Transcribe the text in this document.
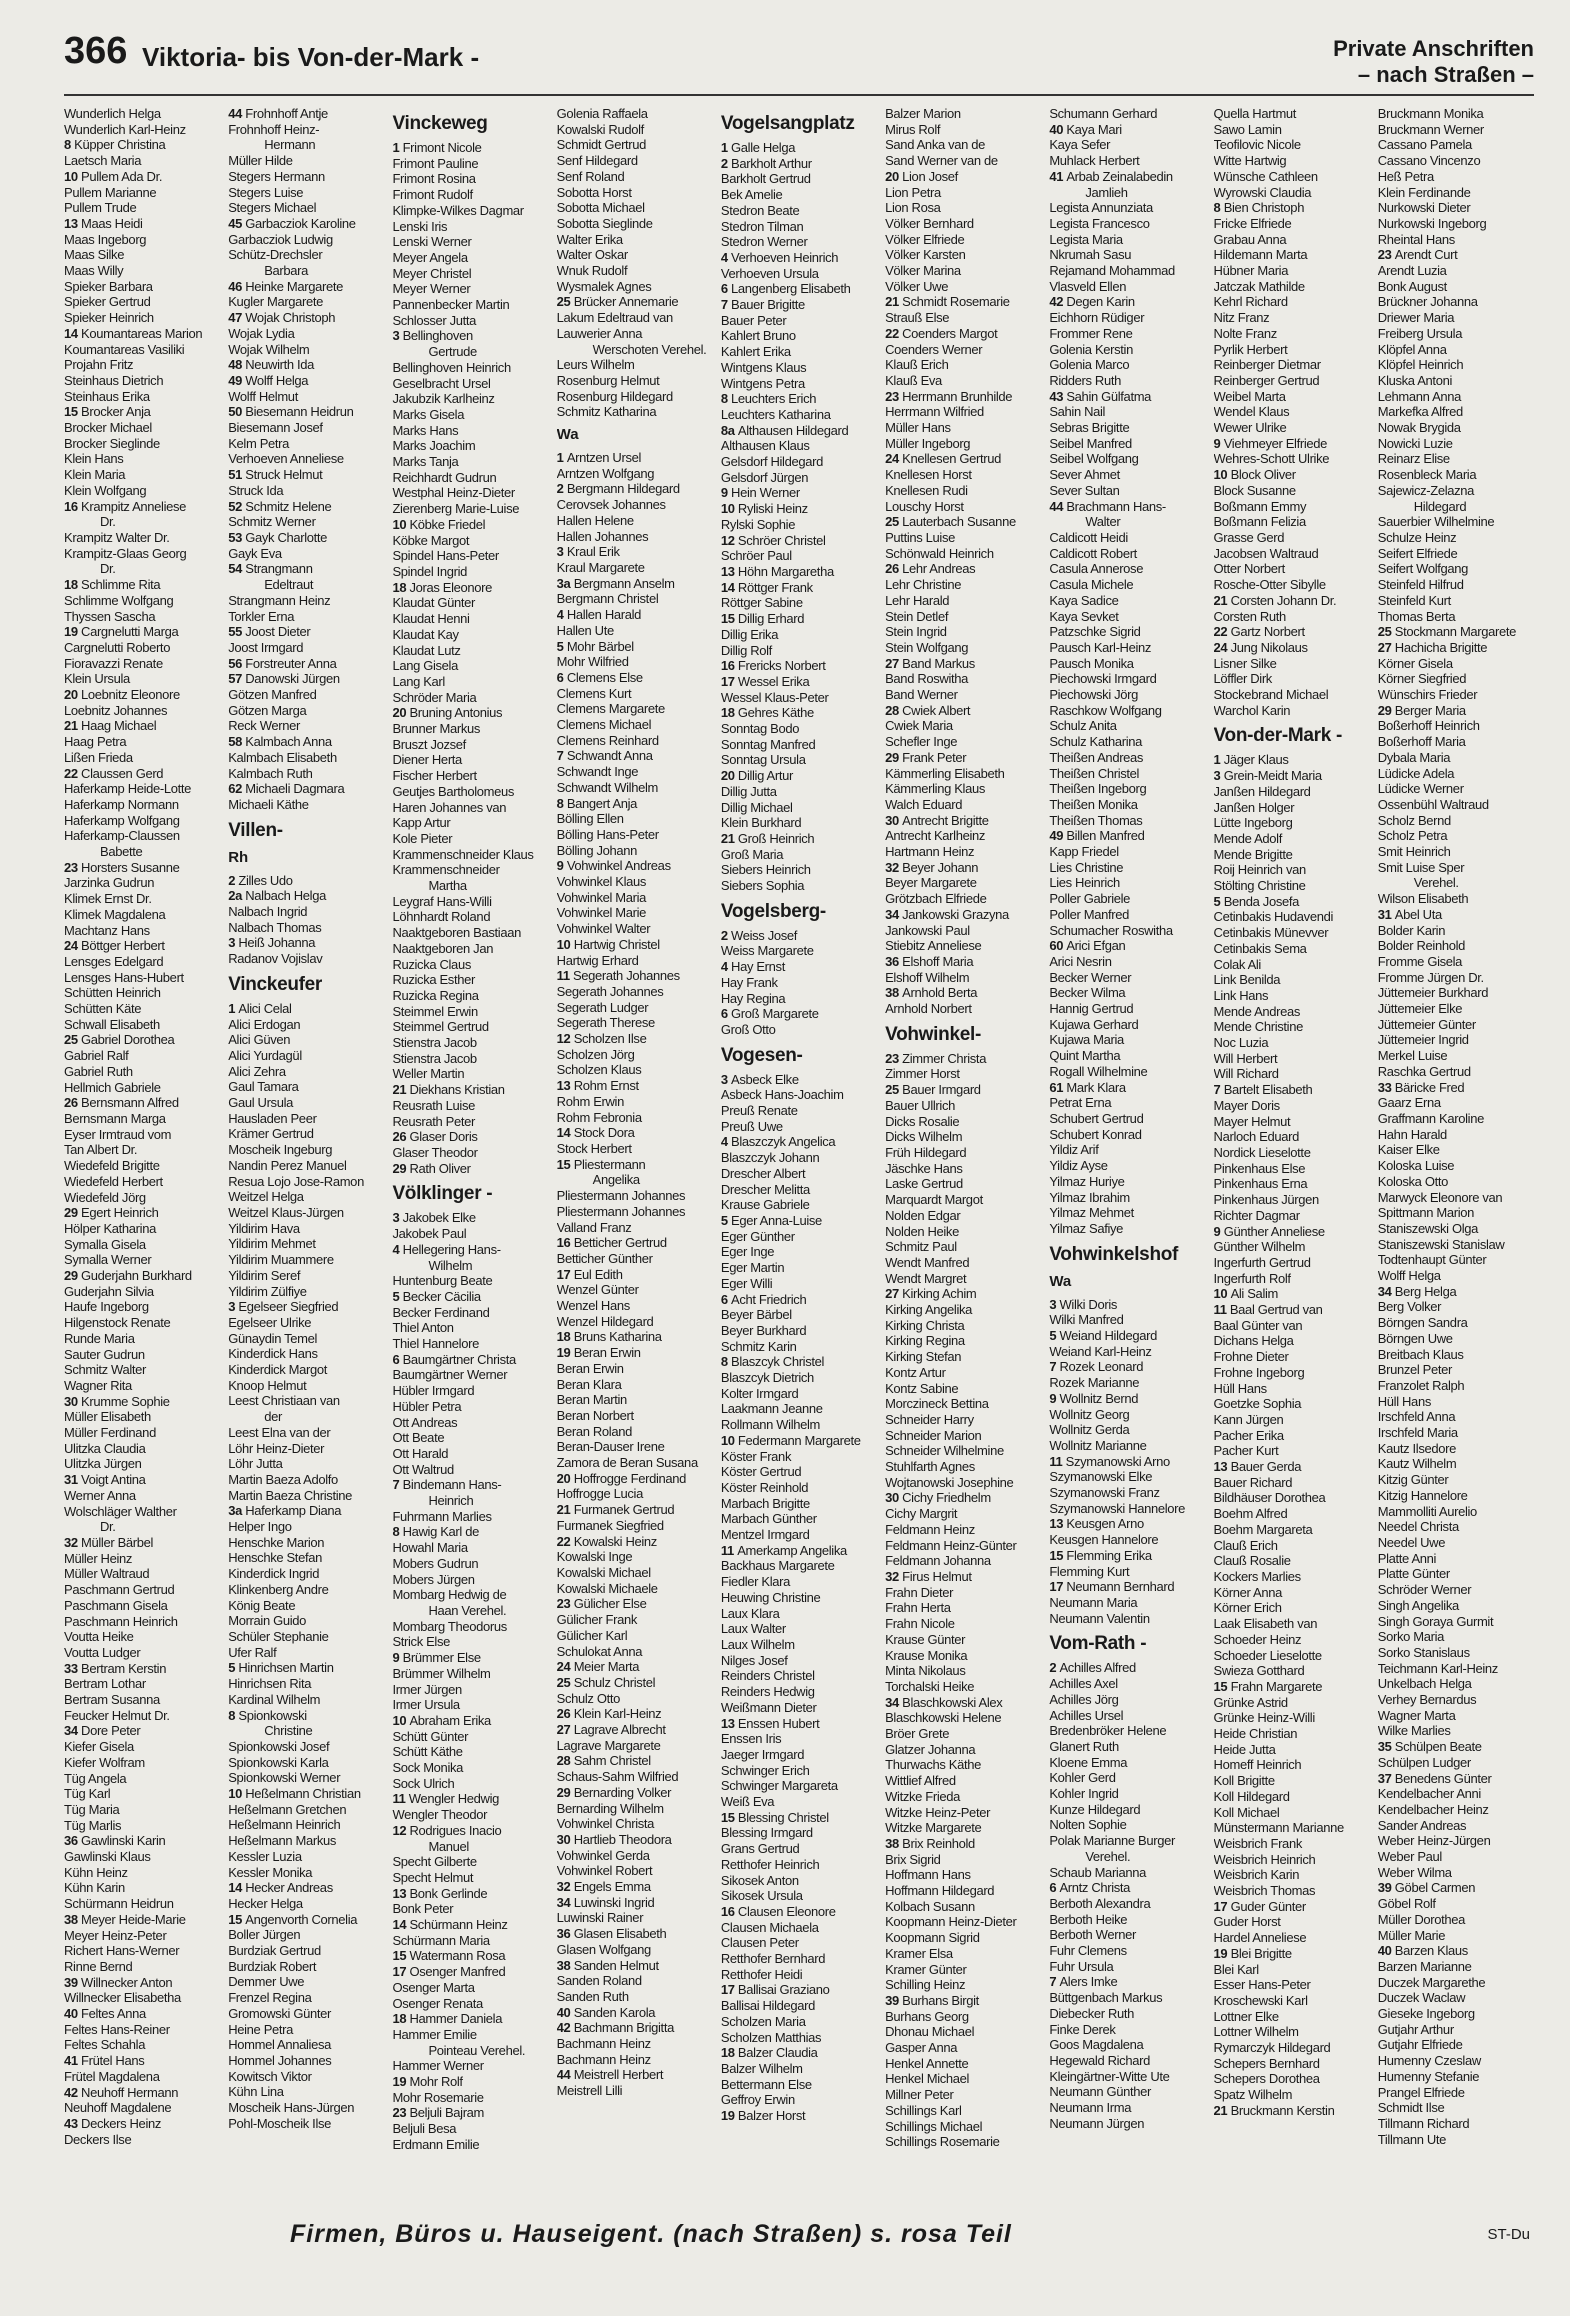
366 Viktoria- bis Von-der-Mark -	Private Anschriften
– nach Straßen –
Wunderlich Helga
Wunderlich Karl-Heinz
8 Küpper Christina
Laetsch Maria
10 Pullem Ada Dr.
Pullem Marianne
Pullem Trude
13 Maas Heidi
Maas Ingeborg
Maas Silke
Maas Willy
Spieker Barbara
Spieker Gertrud
Spieker Heinrich
14 Koumantareas Marion
Koumantareas Vasiliki
Projahn Fritz
Steinhaus Dietrich
Steinhaus Erika
15 Brocker Anja
Brocker Michael
Brocker Sieglinde
Klein Hans
Klein Maria
Klein Wolfgang
16 Krampitz Anneliese
Dr.
Krampitz Walter Dr.
Krampitz-Glaas Georg
Dr.
18 Schlimme Rita
Schlimme Wolfgang
Thyssen Sascha
19 Cargnelutti Marga
Cargnelutti Roberto
Fioravazzi Renate
Klein Ursula
20 Loebnitz Eleonore
Loebnitz Johannes
21 Haag Michael
Haag Petra
Lißen Frieda
22 Claussen Gerd
Haferkamp Heide-Lotte
Haferkamp Normann
Haferkamp Wolfgang
Haferkamp-Claussen
Babette
23 Horsters Susanne
Jarzinka Gudrun
Klimek Ernst Dr.
Klimek Magdalena
Machtanz Hans
24 Böttger Herbert
Lensges Edelgard
Lensges Hans-Hubert
Schütten Heinrich
Schütten Käte
Schwall Elisabeth
25 Gabriel Dorothea
Gabriel Ralf
Gabriel Ruth
Hellmich Gabriele
26 Bernsmann Alfred
Bernsmann Marga
Eyser Irmtraud vom
Tan Albert Dr.
Wiedefeld Brigitte
Wiedefeld Herbert
Wiedefeld Jörg
29 Egert Heinrich
Hölper Katharina
Symalla Gisela
Symalla Werner
29 Guderjahn Burkhard
Guderjahn Silvia
Haufe Ingeborg
Hilgenstock Renate
Runde Maria
Sauter Gudrun
Schmitz Walter
Wagner Rita
30 Krumme Sophie
Müller Elisabeth
Müller Ferdinand
Ulitzka Claudia
Ulitzka Jürgen
31 Voigt Antina
Werner Anna
Wolschläger Walther
Dr.
32 Müller Bärbel
Müller Heinz
Müller Waltraud
Paschmann Gertrud
Paschmann Gisela
Paschmann Heinrich
Voutta Heike
Voutta Ludger
33 Bertram Kerstin
Bertram Lothar
Bertram Susanna
Feucker Helmut Dr.
34 Dore Peter
Kiefer Gisela
Kiefer Wolfram
Tüg Angela
Tüg Karl
Tüg Maria
Tüg Marlis
36 Gawlinski Karin
Gawlinski Klaus
Kühn Heinz
Kühn Karin
Schürmann Heidrun
38 Meyer Heide-Marie
Meyer Heinz-Peter
Richert Hans-Werner
Rinne Bernd
39 Willnecker Anton
Willnecker Elisabetha
40 Feltes Anna
Feltes Hans-Reiner
Feltes Schahla
41 Frütel Hans
Frütel Magdalena
42 Neuhoff Hermann
Neuhoff Magdalene
43 Deckers Heinz
Deckers Ilse
44 Frohnhoff Antje
Frohnhoff Heinz-
Hermann
Müller Hilde
Stegers Hermann
Stegers Luise
Stegers Michael
45 Garbacziok Karoline
Garbacziok Ludwig
Schütz-Drechsler
Barbara
46 Heinke Margarete
Kugler Margarete
47 Wojak Christoph
Wojak Lydia
Wojak Wilhelm
48 Neuwirth Ida
49 Wolff Helga
Wolff Helmut
50 Biesemann Heidrun
Biesemann Josef
Kelm Petra
Verhoeven Anneliese
51 Struck Helmut
Struck Ida
52 Schmitz Helene
Schmitz Werner
53 Gayk Charlotte
Gayk Eva
54 Strangmann
Edeltraut
Strangmann Heinz
Torkler Erna
55 Joost Dieter
Joost Irmgard
56 Forstreuter Anna
57 Danowski Jürgen
Götzen Manfred
Götzen Marga
Reck Werner
58 Kalmbach Anna
Kalmbach Elisabeth
Kalmbach Ruth
62 Michaeli Dagmara
Michaeli Käthe
Villen-
Rh
2 Zilles Udo
2a Nalbach Helga
Nalbach Ingrid
Nalbach Thomas
3 Heiß Johanna
Radanov Vojislav
Vinckeufer
1 Alici Celal
Alici Erdogan
Alici Güven
Alici Yurdagül
Alici Zehra
Gaul Tamara
Gaul Ursula
Hausladen Peer
Krämer Gertrud
Moscheik Ingeburg
Nandin Perez Manuel
Resua Lojo Jose-Ramon
Weitzel Helga
Weitzel Klaus-Jürgen
Yildirim Hava
Yildirim Mehmet
Yildirim Muammere
Yildirim Seref
Yildirim Zülfiye
3 Egelseer Siegfried
Egelseer Ulrike
Günaydin Temel
Kinderdick Hans
Kinderdick Margot
Knoop Helmut
Leest Christiaan van
der
Leest Elna van der
Löhr Heinz-Dieter
Löhr Jutta
Martin Baeza Adolfo
Martin Baeza Christine
3a Haferkamp Diana
Helper Ingo
Henschke Marion
Henschke Stefan
Kinderdick Ingrid
Klinkenberg Andre
König Beate
Morrain Guido
Schüler Stephanie
Ufer Ralf
5 Hinrichsen Martin
Hinrichsen Rita
Kardinal Wilhelm
8 Spionkowski
Christine
Spionkowski Josef
Spionkowski Karla
Spionkowski Werner
10 Heßelmann Christian
Heßelmann Gretchen
Heßelmann Heinrich
Heßelmann Markus
Kessler Luzia
Kessler Monika
14 Hecker Andreas
Hecker Helga
15 Angenvorth Cornelia
Boller Jürgen
Burdziak Gertrud
Burdziak Robert
Demmer Uwe
Frenzel Regina
Gromowski Günter
Heine Petra
Hommel Annaliesa
Hommel Johannes
Kowitsch Viktor
Kühn Lina
Moscheik Hans-Jürgen
Pohl-Moscheik Ilse
Vinckeweg
1 Frimont Nicole
Frimont Pauline
Frimont Rosina
Frimont Rudolf
Klimpke-Wilkes Dagmar
Lenski Iris
Lenski Werner
Meyer Angela
Meyer Christel
Meyer Werner
Pannenbecker Martin
Schlosser Jutta
3 Bellinghoven
Gertrude
Bellinghoven Heinrich
Geselbracht Ursel
Jakubzik Karlheinz
Marks Gisela
Marks Hans
Marks Joachim
Marks Tanja
Reichhardt Gudrun
Westphal Heinz-Dieter
Zierenberg Marie-Luise
10 Köbke Friedel
Köbke Margot
Spindel Hans-Peter
Spindel Ingrid
18 Joras Eleonore
Klaudat Günter
Klaudat Henni
Klaudat Kay
Klaudat Lutz
Lang Gisela
Lang Karl
Schröder Maria
20 Bruning Antonius
Brunner Markus
Bruszt Jozsef
Diener Herta
Fischer Herbert
Geutjes Bartholomeus
Haren Johannes van
Kapp Artur
Kole Pieter
Krammenschneider Klaus
Krammenschneider
Martha
Leygraf Hans-Willi
Löhnhardt Roland
Naaktgeboren Bastiaan
Naaktgeboren Jan
Ruzicka Claus
Ruzicka Esther
Ruzicka Regina
Steimmel Erwin
Steimmel Gertrud
Stienstra Jacob
Stienstra Jacob
Weller Martin
21 Diekhans Kristian
Reusrath Luise
Reusrath Peter
26 Glaser Doris
Glaser Theodor
29 Rath Oliver
Völklinger -
3 Jakobek Elke
Jakobek Paul
4 Hellegering Hans-
Wilhelm
Huntenburg Beate
5 Becker Cäcilia
Becker Ferdinand
Thiel Anton
Thiel Hannelore
6 Baumgärtner Christa
Baumgärtner Werner
Hübler Irmgard
Hübler Petra
Ott Andreas
Ott Beate
Ott Harald
Ott Waltrud
7 Bindemann Hans-
Heinrich
Fuhrmann Marlies
8 Hawig Karl de
Howahl Maria
Mobers Gudrun
Mobers Jürgen
Mombarg Hedwig de
Haan Verehel.
Mombarg Theodorus
Strick Else
9 Brümmer Else
Brümmer Wilhelm
Irmer Jürgen
Irmer Ursula
10 Abraham Erika
Schütt Günter
Schütt Käthe
Sock Monika
Sock Ulrich
11 Wengler Hedwig
Wengler Theodor
12 Rodrigues Inacio
Manuel
Specht Gilberte
Specht Helmut
13 Bonk Gerlinde
Bonk Peter
14 Schürmann Heinz
Schürmann Maria
15 Watermann Rosa
17 Osenger Manfred
Osenger Marta
Osenger Renata
18 Hammer Daniela
Hammer Emilie
Pointeau Verehel.
Hammer Werner
19 Mohr Rolf
Mohr Rosemarie
23 Beljuli Bajram
Beljuli Besa
Erdmann Emilie
Golenia Raffaela
Kowalski Rudolf
Schmidt Gertrud
Senf Hildegard
Senf Roland
Sobotta Horst
Sobotta Michael
Sobotta Sieglinde
Walter Erika
Walter Oskar
Wnuk Rudolf
Wysmalek Agnes
25 Brücker Annemarie
Lakum Edeltraud van
Lauwerier Anna
Werschoten Verehel.
Leurs Wilhelm
Rosenburg Helmut
Rosenburg Hildegard
Schmitz Katharina
Wa
1 Arntzen Ursel
Arntzen Wolfgang
2 Bergmann Hildegard
Cerovsek Johannes
Hallen Helene
Hallen Johannes
3 Kraul Erik
Kraul Margarete
3a Bergmann Anselm
Bergmann Christel
4 Hallen Harald
Hallen Ute
5 Mohr Bärbel
Mohr Wilfried
6 Clemens Else
Clemens Kurt
Clemens Margarete
Clemens Michael
Clemens Reinhard
7 Schwandt Anna
Schwandt Inge
Schwandt Wilhelm
8 Bangert Anja
Bölling Ellen
Bölling Hans-Peter
Bölling Johann
9 Vohwinkel Andreas
Vohwinkel Klaus
Vohwinkel Maria
Vohwinkel Marie
Vohwinkel Walter
10 Hartwig Christel
Hartwig Erhard
11 Segerath Johannes
Segerath Johannes
Segerath Ludger
Segerath Therese
12 Scholzen Ilse
Scholzen Jörg
Scholzen Klaus
13 Rohm Ernst
Rohm Erwin
Rohm Febronia
14 Stock Dora
Stock Herbert
15 Pliestermann
Angelika
Pliestermann Johannes
Pliestermann Johannes
Valland Franz
16 Betticher Gertrud
Betticher Günther
17 Eul Edith
Wenzel Günter
Wenzel Hans
Wenzel Hildegard
18 Bruns Katharina
19 Beran Erwin
Beran Erwin
Beran Klara
Beran Martin
Beran Norbert
Beran Roland
Beran-Dauser Irene
Zamora de Beran Susana
20 Hoffrogge Ferdinand
Hoffrogge Lucia
21 Furmanek Gertrud
Furmanek Siegfried
22 Kowalski Heinz
Kowalski Inge
Kowalski Michael
Kowalski Michaele
23 Gülicher Else
Gülicher Frank
Gülicher Karl
Schulokat Anna
24 Meier Marta
25 Schulz Christel
Schulz Otto
26 Klein Karl-Heinz
27 Lagrave Albrecht
Lagrave Margarete
28 Sahm Christel
Schaus-Sahm Wilfried
29 Bernarding Volker
Bernarding Wilhelm
Vohwinkel Christa
30 Hartlieb Theodora
Vohwinkel Gerda
Vohwinkel Robert
32 Engels Emma
34 Luwinski Ingrid
Luwinski Rainer
36 Glasen Elisabeth
Glasen Wolfgang
38 Sanden Helmut
Sanden Roland
Sanden Ruth
40 Sanden Karola
42 Bachmann Brigitta
Bachmann Heinz
Bachmann Heinz
44 Meistrell Herbert
Meistrell Lilli
Vogelsangplatz
1 Galle Helga
2 Barkholt Arthur
Barkholt Gertrud
Bek Amelie
Stedron Beate
Stedron Tilman
Stedron Werner
4 Verhoeven Heinrich
Verhoeven Ursula
6 Langenberg Elisabeth
7 Bauer Brigitte
Bauer Peter
Kahlert Bruno
Kahlert Erika
Wintgens Klaus
Wintgens Petra
8 Leuchters Erich
Leuchters Katharina
8a Althausen Hildegard
Althausen Klaus
Gelsdorf Hildegard
Gelsdorf Jürgen
9 Hein Werner
10 Ryliski Heinz
Rylski Sophie
12 Schröer Christel
Schröer Paul
13 Höhn Margaretha
14 Röttger Frank
Röttger Sabine
15 Dillig Erhard
Dillig Erika
Dillig Rolf
16 Frericks Norbert
17 Wessel Erika
Wessel Klaus-Peter
18 Gehres Käthe
Sonntag Bodo
Sonntag Manfred
Sonntag Ursula
20 Dillig Artur
Dillig Jutta
Dillig Michael
Klein Burkhard
21 Groß Heinrich
Groß Maria
Siebers Heinrich
Siebers Sophia
Vogelsberg-
2 Weiss Josef
Weiss Margarete
4 Hay Ernst
Hay Frank
Hay Regina
6 Groß Margarete
Groß Otto
Vogesen-
3 Asbeck Elke
Asbeck Hans-Joachim
Preuß Renate
Preuß Uwe
4 Blaszczyk Angelica
Blaszczyk Johann
Drescher Albert
Drescher Melitta
Krause Gabriele
5 Eger Anna-Luise
Eger Günther
Eger Inge
Eger Martin
Eger Willi
6 Acht Friedrich
Beyer Bärbel
Beyer Burkhard
Schmitz Karin
8 Blaszcyk Christel
Blaszcyk Dietrich
Kolter Irmgard
Laakmann Jeanne
Rollmann Wilhelm
10 Federmann Margarete
Köster Frank
Köster Gertrud
Köster Reinhold
Marbach Brigitte
Marbach Günther
Mentzel Irmgard
11 Amerkamp Angelika
Backhaus Margarete
Fiedler Klara
Heuwing Christine
Laux Klara
Laux Walter
Laux Wilhelm
Nilges Josef
Reinders Christel
Reinders Hedwig
Weißmann Dieter
13 Enssen Hubert
Enssen Iris
Jaeger Irmgard
Schwinger Erich
Schwinger Margareta
Weiß Eva
15 Blessing Christel
Blessing Irmgard
Grans Gertrud
Retthofer Heinrich
Sikosek Anton
Sikosek Ursula
16 Clausen Eleonore
Clausen Michaela
Clausen Peter
Retthofer Bernhard
Retthofer Heidi
17 Ballisai Graziano
Ballisai Hildegard
Scholzen Maria
Scholzen Matthias
18 Balzer Claudia
Balzer Wilhelm
Bettermann Else
Geffroy Erwin
19 Balzer Horst
Balzer Marion
Mirus Rolf
Sand Anka van de
Sand Werner van de
20 Lion Josef
Lion Petra
Lion Rosa
Völker Bernhard
Völker Elfriede
Völker Karsten
Völker Marina
Völker Uwe
21 Schmidt Rosemarie
Strauß Else
22 Coenders Margot
Coenders Werner
Klauß Erich
Klauß Eva
23 Herrmann Brunhilde
Herrmann Wilfried
Müller Hans
Müller Ingeborg
24 Knellesen Gertrud
Knellesen Horst
Knellesen Rudi
Louschy Horst
25 Lauterbach Susanne
Puttins Luise
Schönwald Heinrich
26 Lehr Andreas
Lehr Christine
Lehr Harald
Stein Detlef
Stein Ingrid
Stein Wolfgang
27 Band Markus
Band Roswitha
Band Werner
28 Cwiek Albert
Cwiek Maria
Schefler Inge
29 Frank Peter
Kämmerling Elisabeth
Kämmerling Klaus
Walch Eduard
30 Antrecht Brigitte
Antrecht Karlheinz
Hartmann Heinz
32 Beyer Johann
Beyer Margarete
Grötzbach Elfriede
34 Jankowski Grazyna
Jankowski Paul
Stiebitz Anneliese
36 Elshoff Maria
Elshoff Wilhelm
38 Arnhold Berta
Arnhold Norbert
Vohwinkel-
23 Zimmer Christa
Zimmer Horst
25 Bauer Irmgard
Bauer Ullrich
Dicks Rosalie
Dicks Wilhelm
Früh Hildegard
Jäschke Hans
Laske Gertrud
Marquardt Margot
Nolden Edgar
Nolden Heike
Schmitz Paul
Wendt Manfred
Wendt Margret
27 Kirking Achim
Kirking Angelika
Kirking Christa
Kirking Regina
Kirking Stefan
Kontz Artur
Kontz Sabine
Morczineck Bettina
Schneider Harry
Schneider Marion
Schneider Wilhelmine
Stuhlfarth Agnes
Wojtanowski Josephine
30 Cichy Friedhelm
Cichy Margrit
Feldmann Heinz
Feldmann Heinz-Günter
Feldmann Johanna
32 Firus Helmut
Frahn Dieter
Frahn Herta
Frahn Nicole
Krause Günter
Krause Monika
Minta Nikolaus
Torchalski Heike
34 Blaschkowski Alex
Blaschkowski Helene
Bröer Grete
Glatzer Johanna
Thurwachs Käthe
Wittlief Alfred
Witzke Frieda
Witzke Heinz-Peter
Witzke Margarete
38 Brix Reinhold
Brix Sigrid
Hoffmann Hans
Hoffmann Hildegard
Kolbach Susann
Koopmann Heinz-Dieter
Koopmann Sigrid
Kramer Elsa
Kramer Günter
Schilling Heinz
39 Burhans Birgit
Burhans Georg
Dhonau Michael
Gasper Anna
Henkel Annette
Henkel Michael
Millner Peter
Schillings Karl
Schillings Michael
Schillings Rosemarie
Schumann Gerhard
40 Kaya Mari
Kaya Sefer
Muhlack Herbert
41 Arbab Zeinalabedin
Jamlieh
Legista Annunziata
Legista Francesco
Legista Maria
Nkrumah Sasu
Rejamand Mohammad
Vlasveld Ellen
42 Degen Karin
Eichhorn Rüdiger
Frommer Rene
Golenia Kerstin
Golenia Marco
Ridders Ruth
43 Sahin Gülfatma
Sahin Nail
Sebras Brigitte
Seibel Manfred
Seibel Wolfgang
Sever Ahmet
Sever Sultan
44 Brachmann Hans-
Walter
Caldicott Heidi
Caldicott Robert
Casula Annerose
Casula Michele
Kaya Sadice
Kaya Sevket
Patzschke Sigrid
Pausch Karl-Heinz
Pausch Monika
Piechowski Irmgard
Piechowski Jörg
Raschkow Wolfgang
Schulz Anita
Schulz Katharina
Theißen Andreas
Theißen Christel
Theißen Ingeborg
Theißen Monika
Theißen Thomas
49 Billen Manfred
Kapp Friedel
Lies Christine
Lies Heinrich
Poller Gabriele
Poller Manfred
Schumacher Roswitha
60 Arici Efgan
Arici Nesrin
Becker Werner
Becker Wilma
Hannig Gertrud
Kujawa Gerhard
Kujawa Maria
Quint Martha
Rogall Wilhelmine
61 Mark Klara
Petrat Erna
Schubert Gertrud
Schubert Konrad
Yildiz Arif
Yildiz Ayse
Yilmaz Huriye
Yilmaz Ibrahim
Yilmaz Mehmet
Yilmaz Safiye
Vohwinkelshof
Wa
3 Wilki Doris
Wilki Manfred
5 Weiand Hildegard
Weiand Karl-Heinz
7 Rozek Leonard
Rozek Marianne
9 Wollnitz Bernd
Wollnitz Georg
Wollnitz Gerda
Wollnitz Marianne
11 Szymanowski Arno
Szymanowski Elke
Szymanowski Franz
Szymanowski Hannelore
13 Keusgen Arno
Keusgen Hannelore
15 Flemming Erika
Flemming Kurt
17 Neumann Bernhard
Neumann Maria
Neumann Valentin
Vom-Rath -
2 Achilles Alfred
Achilles Axel
Achilles Jörg
Achilles Ursel
Bredenbröker Helene
Glanert Ruth
Kloene Emma
Kohler Gerd
Kohler Ingrid
Kunze Hildegard
Nolten Sophie
Polak Marianne Burger
Verehel.
Schaub Marianna
6 Arntz Christa
Berboth Alexandra
Berboth Heike
Berboth Werner
Fuhr Clemens
Fuhr Ursula
7 Alers Imke
Büttgenbach Markus
Diebecker Ruth
Finke Derek
Goos Magdalena
Hegewald Richard
Kleingärtner-Witte Ute
Neumann Günther
Neumann Irma
Neumann Jürgen
Quella Hartmut
Sawo Lamin
Teofilovic Nicole
Witte Hartwig
Wünsche Cathleen
Wyrowski Claudia
8 Bien Christoph
Fricke Elfriede
Grabau Anna
Hildemann Marta
Hübner Maria
Jatczak Mathilde
Kehrl Richard
Nitz Franz
Nolte Franz
Pyrlik Herbert
Reinberger Dietmar
Reinberger Gertrud
Weibel Marta
Wendel Klaus
Wewer Ulrike
9 Viehmeyer Elfriede
Wehres-Schott Ulrike
10 Block Oliver
Block Susanne
Boßmann Emmy
Boßmann Felizia
Grasse Gerd
Jacobsen Waltraud
Otter Norbert
Rosche-Otter Sibylle
21 Corsten Johann Dr.
Corsten Ruth
22 Gartz Norbert
24 Jung Nikolaus
Lisner Silke
Löffler Dirk
Stockebrand Michael
Warchol Karin
Von-der-Mark -
1 Jäger Klaus
3 Grein-Meidt Maria
Janßen Hildegard
Janßen Holger
Lütte Ingeborg
Mende Adolf
Mende Brigitte
Roij Heinrich van
Stölting Christine
5 Benda Josefa
Cetinbakis Hudavendi
Cetinbakis Münevver
Cetinbakis Sema
Colak Ali
Link Benilda
Link Hans
Mende Andreas
Mende Christine
Noc Luzia
Will Herbert
Will Richard
7 Bartelt Elisabeth
Mayer Doris
Mayer Helmut
Narloch Eduard
Nordick Lieselotte
Pinkenhaus Else
Pinkenhaus Erna
Pinkenhaus Jürgen
Richter Dagmar
9 Günther Anneliese
Günther Wilhelm
Ingerfurth Gertrud
Ingerfurth Rolf
10 Ali Salim
11 Baal Gertrud van
Baal Günter van
Dichans Helga
Frohne Dieter
Frohne Ingeborg
Hüll Hans
Goetzke Sophia
Kann Jürgen
Pacher Erika
Pacher Kurt
13 Bauer Gerda
Bauer Richard
Bildhäuser Dorothea
Boehm Alfred
Boehm Margareta
Clauß Erich
Clauß Rosalie
Kockers Marlies
Körner Anna
Körner Erich
Laak Elisabeth van
Schoeder Heinz
Schoeder Lieselotte
Swieza Gotthard
15 Frahn Margarete
Grünke Astrid
Grünke Heinz-Willi
Heide Christian
Heide Jutta
Homeff Heinrich
Koll Brigitte
Koll Hildegard
Koll Michael
Münstermann Marianne
Weisbrich Frank
Weisbrich Heinrich
Weisbrich Karin
Weisbrich Thomas
17 Guder Günter
Guder Horst
Hardel Anneliese
19 Blei Brigitte
Blei Karl
Esser Hans-Peter
Kroschewski Karl
Lottner Elke
Lottner Wilhelm
Rymarczyk Hildegard
Schepers Bernhard
Schepers Dorothea
Spatz Wilhelm
21 Bruckmann Kerstin
Bruckmann Monika
Bruckmann Werner
Cassano Pamela
Cassano Vincenzo
Heß Petra
Klein Ferdinande
Nurkowski Dieter
Nurkowski Ingeborg
Rheintal Hans
23 Arendt Curt
Arendt Luzia
Bonk August
Brückner Johanna
Driewer Maria
Freiberg Ursula
Klöpfel Anna
Klöpfel Heinrich
Kluska Antoni
Lehmann Anna
Markefka Alfred
Nowak Brygida
Nowicki Luzie
Reinarz Elise
Rosenbleck Maria
Sajewicz-Zelazna
Hildegard
Sauerbier Wilhelmine
Schulze Heinz
Seifert Elfriede
Seifert Wolfgang
Steinfeld Hilfrud
Steinfeld Kurt
Thomas Berta
25 Stockmann Margarete
27 Hachicha Brigitte
Körner Gisela
Körner Siegfried
Wünschirs Frieder
29 Berger Maria
Boßerhoff Heinrich
Boßerhoff Maria
Dybala Maria
Lüdicke Adela
Lüdicke Werner
Ossenbühl Waltraud
Scholz Bernd
Scholz Petra
Smit Heinrich
Smit Luise Sper
Verehel.
Wilson Elisabeth
31 Abel Uta
Bolder Karin
Bolder Reinhold
Fromme Gisela
Fromme Jürgen Dr.
Jüttemeier Burkhard
Jüttemeier Elke
Jüttemeier Günter
Jüttemeier Ingrid
Merkel Luise
Raschka Gertrud
33 Bäricke Fred
Gaarz Erna
Graffmann Karoline
Hahn Harald
Kaiser Elke
Koloska Luise
Koloska Otto
Marwyck Eleonore van
Spittmann Marion
Staniszewski Olga
Staniszewski Stanislaw
Todtenhaupt Günter
Wolff Helga
34 Berg Helga
Berg Volker
Börngen Sandra
Börngen Uwe
Breitbach Klaus
Brunzel Peter
Franzolet Ralph
Hüll Hans
Irschfeld Anna
Irschfeld Maria
Kautz Ilsedore
Kautz Wilhelm
Kitzig Günter
Kitzig Hannelore
Mammolliti Aurelio
Needel Christa
Needel Uwe
Platte Anni
Platte Günter
Schröder Werner
Singh Angelika
Singh Goraya Gurmit
Sorko Maria
Sorko Stanislaus
Teichmann Karl-Heinz
Unkelbach Helga
Verhey Bernardus
Wagner Marta
Wilke Marlies
35 Schülpen Beate
Schülpen Ludger
37 Benedens Günter
Kendelbacher Anni
Kendelbacher Heinz
Sander Andreas
Weber Heinz-Jürgen
Weber Paul
Weber Wilma
39 Göbel Carmen
Göbel Rolf
Müller Dorothea
Müller Marie
40 Barzen Klaus
Barzen Marianne
Duczek Margarethe
Duczek Waclaw
Gieseke Ingeborg
Gutjahr Arthur
Gutjahr Elfriede
Humenny Czeslaw
Humenny Stefanie
Prangel Elfriede
Schmidt Ilse
Tillmann Richard
Tillmann Ute
Firmen, Büros u. Hauseigent. (nach Straßen) s. rosa Teil	ST-Du
